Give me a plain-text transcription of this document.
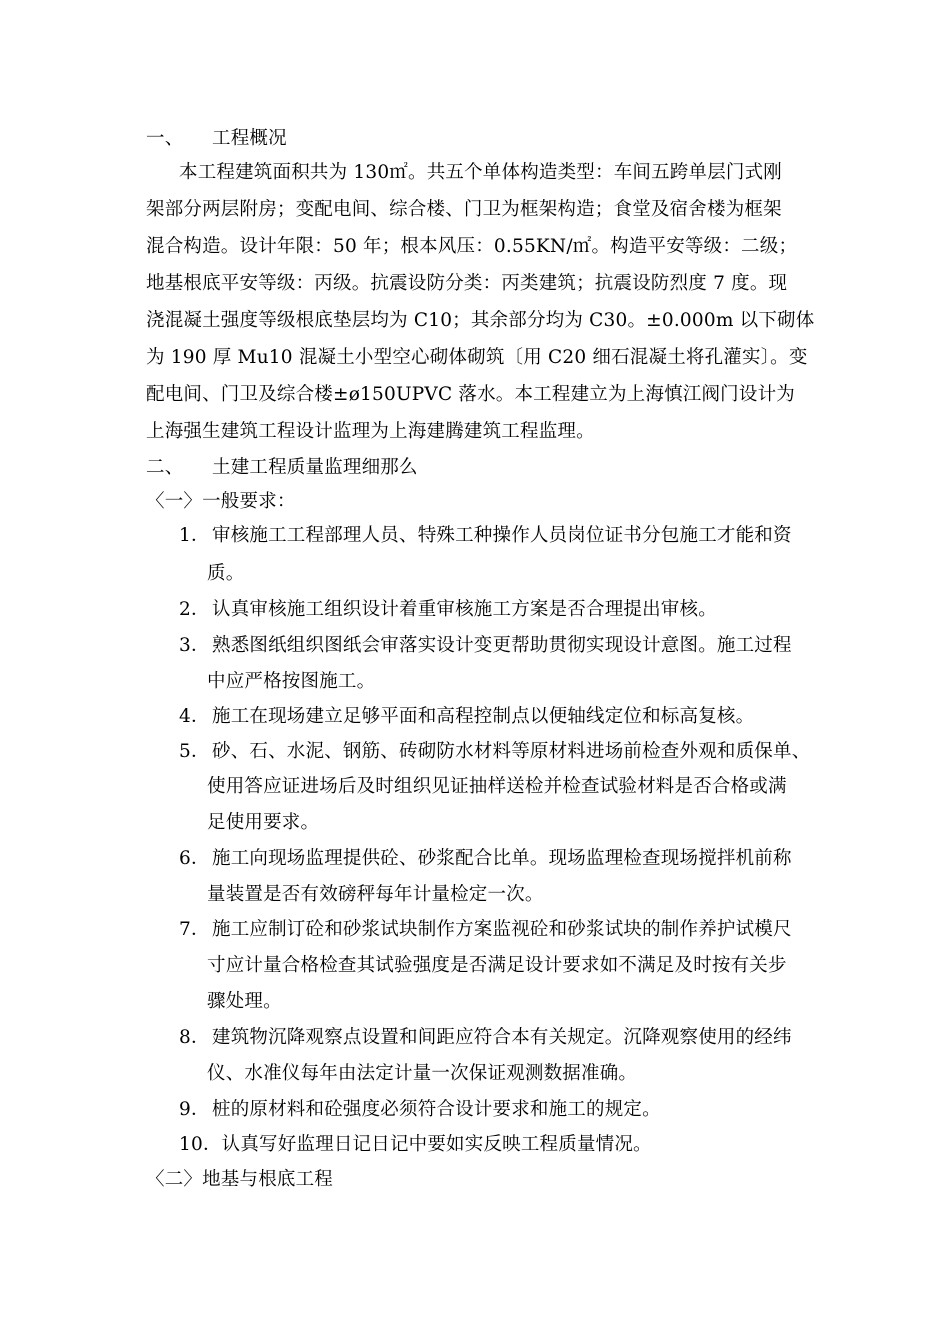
一、 工程概况
本工程建筑面积共为 130㎡。共五个单体构造类型：车间五跨单层门式刚
架部分两层附房；变配电间、综合楼、门卫为框架构造；食堂及宿舍楼为框架
混合构造。设计年限：50 年；根本风压：0.55KN/㎡。构造平安等级：二级；
地基根底平安等级：丙级。抗震设防分类：丙类建筑；抗震设防烈度 7 度。现
浇混凝土强度等级根底垫层均为 C10；其余部分均为 C30。±0.000m 以下砌体
为 190 厚 Mu10 混凝土小型空心砌体砌筑〔用 C20 细石混凝土将孔灌实〕。变
配电间、门卫及综合楼±ø150UPVC 落水。本工程建立为上海慎江阀门设计为
上海强生建筑工程设计监理为上海建腾建筑工程监理。
二、 土建工程质量监理细那么
〈一〉一般要求：
1． 审核施工工程部理人员、特殊工种操作人员岗位证书分包施工才能和资
质。
2． 认真审核施工组织设计着重审核施工方案是否合理提出审核。
3． 熟悉图纸组织图纸会审落实设计变更帮助贯彻实现设计意图。施工过程
中应严格按图施工。
4． 施工在现场建立足够平面和高程控制点以便轴线定位和标高复核。
5． 砂、石、水泥、钢筋、砖砌防水材料等原材料进场前检查外观和质保单、
使用答应证进场后及时组织见证抽样送检并检查试验材料是否合格或满
足使用要求。
6． 施工向现场监理提供砼、砂浆配合比单。现场监理检查现场搅拌机前称
量装置是否有效磅秤每年计量检定一次。
7． 施工应制订砼和砂浆试块制作方案监视砼和砂浆试块的制作养护试模尺
寸应计量合格检查其试验强度是否满足设计要求如不满足及时按有关步
骤处理。
8． 建筑物沉降观察点设置和间距应符合本有关规定。沉降观察使用的经纬
仪、水准仪每年由法定计量一次保证观测数据准确。
9． 桩的原材料和砼强度必须符合设计要求和施工的规定。
10．认真写好监理日记日记中要如实反映工程质量情况。
〈二〉地基与根底工程
